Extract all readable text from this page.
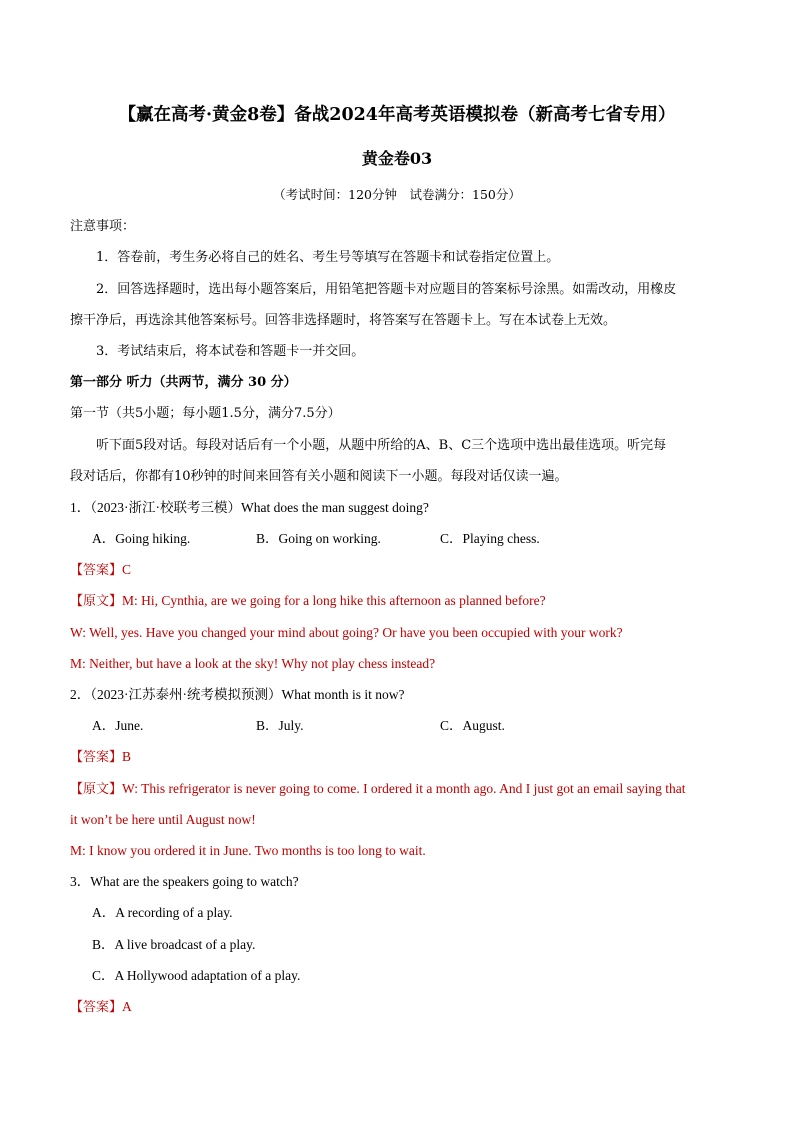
【赢在高考·黄金8卷】备战2024年高考英语模拟卷（新高考七省专用）
黄金卷03
（考试时间：120分钟　试卷满分：150分）
注意事项：
1．答卷前，考生务必将自己的姓名、考生号等填写在答题卡和试卷指定位置上。
2．回答选择题时，选出每小题答案后，用铅笔把答题卡对应题目的答案标号涂黑。如需改动，用橡皮
擦干净后，再选涂其他答案标号。回答非选择题时，将答案写在答题卡上。写在本试卷上无效。
3．考试结束后，将本试卷和答题卡一并交回。
第一部分 听力（共两节，满分 30 分）
第一节（共5小题；每小题1.5分，满分7.5分）
听下面5段对话。每段对话后有一个小题，从题中所给的A、B、C三个选项中选出最佳选项。听完每
段对话后，你都有10秒钟的时间来回答有关小题和阅读下一小题。每段对话仅读一遍。
1．（2023·浙江·校联考三模）What does the man suggest doing?
A．Going hiking.	B．Going on working.	C．Playing chess.
【答案】C
【原文】M: Hi, Cynthia, are we going for a long hike this afternoon as planned before?
W: Well, yes. Have you changed your mind about going? Or have you been occupied with your work?
M: Neither, but have a look at the sky! Why not play chess instead?
2．（2023·江苏泰州·统考模拟预测）What month is it now?
A．June.	B．July.	C．August.
【答案】B
【原文】W: This refrigerator is never going to come. I ordered it a month ago. And I just got an email saying that
it won’t be here until August now!
M: I know you ordered it in June. Two months is too long to wait.
3．What are the speakers going to watch?
A．A recording of a play.
B．A live broadcast of a play.
C．A Hollywood adaptation of a play.
【答案】A
